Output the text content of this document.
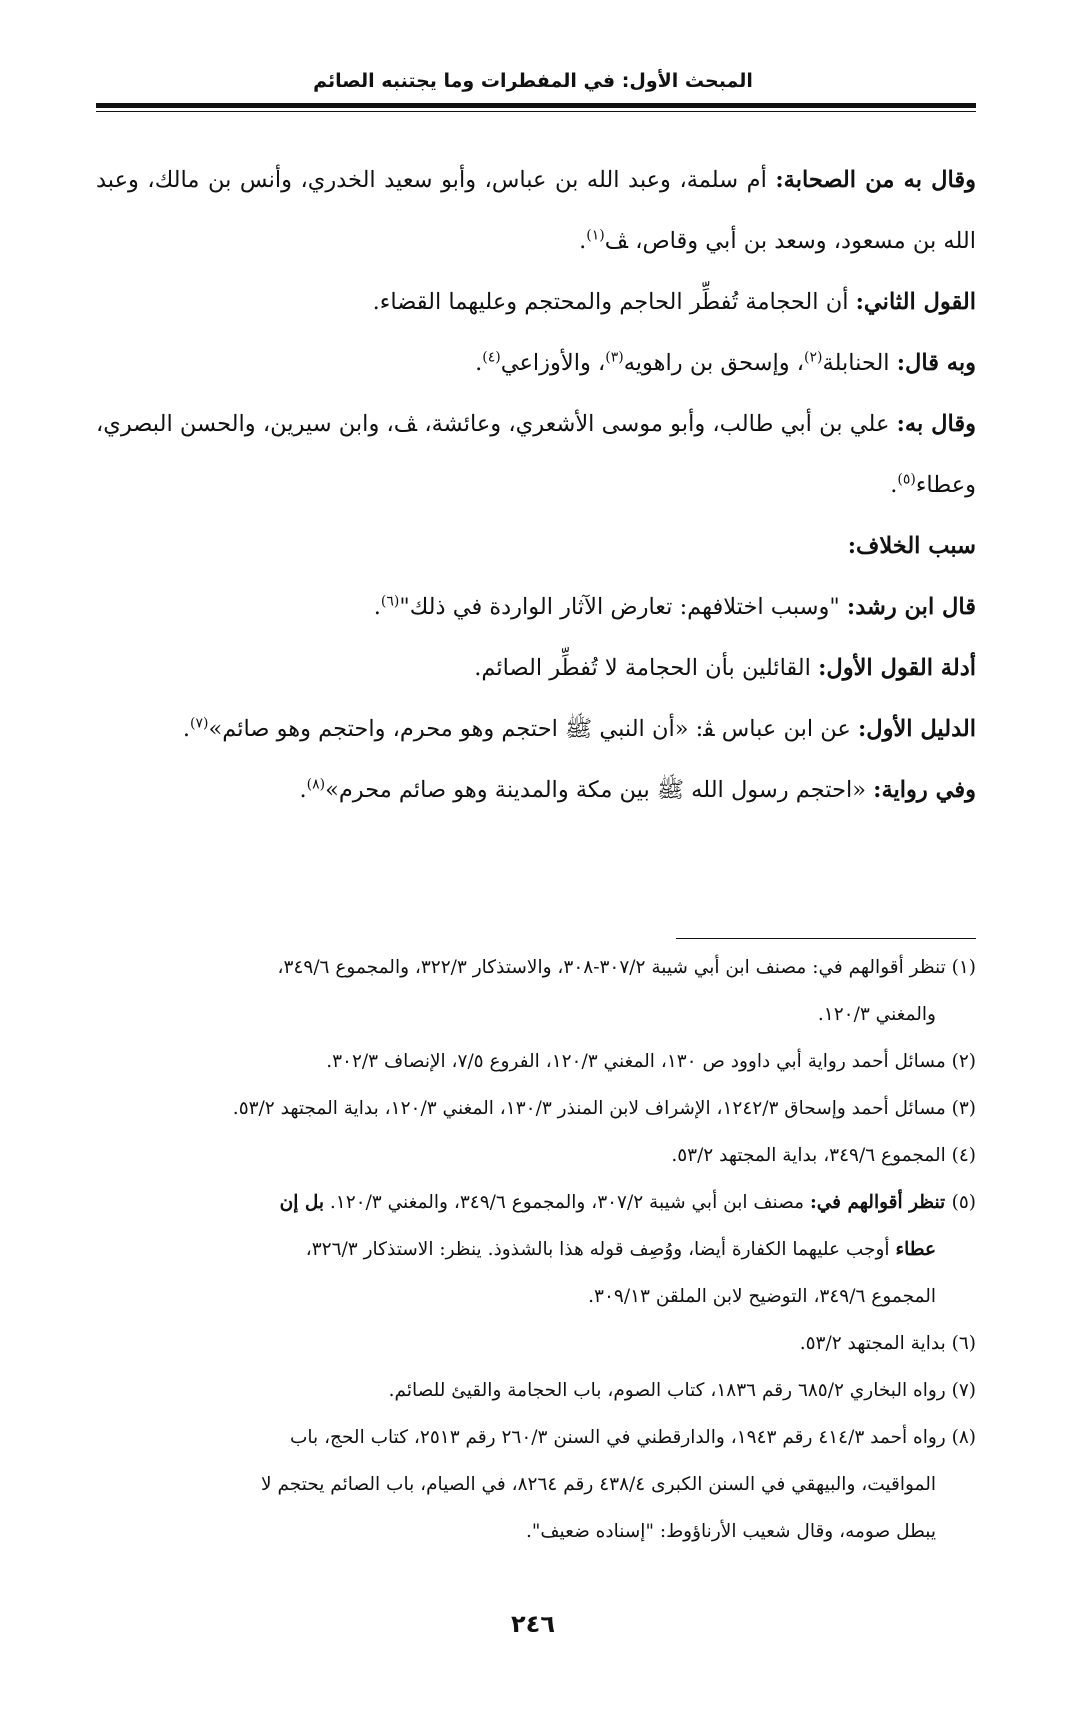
المبحث الأول: في المفطرات وما يجتنبه الصائم

وقال به من الصحابة: أم سلمة، وعبد الله بن عباس، وأبو سعيد الخدري، وأنس بن مالك، وعبد الله بن مسعود، وسعد بن أبي وقاص، ﭫ$^{(١)}$.

القول الثاني: أن الحجامة تُفطِّر الحاجم والمحتجم وعليهما القضاء.

وبه قال: الحنابلة$^{(٢)}$، وإسحق بن راهويه$^{(٣)}$، والأوزاعي$^{(٤)}$.

وقال به: علي بن أبي طالب، وأبو موسى الأشعري، وعائشة، ﭫ، وابن سيرين، والحسن البصري، وعطاء$^{(٥)}$.

سبب الخلاف:

قال ابن رشد: "وسبب اختلافهم: تعارض الآثار الواردة في ذلك"$^{(٦)}$.

أدلة القول الأول: القائلين بأن الحجامة لا تُفطِّر الصائم.

الدليل الأول: عن ابن عباس ﭭ: «أن النبي ﷺ احتجم وهو محرم، واحتجم وهو صائم»$^{(٧)}$.

وفي رواية: «احتجم رسول الله ﷺ بين مكة والمدينة وهو صائم محرم»$^{(٨)}$.

(١) تنظر أقوالهم في: مصنف ابن أبي شيبة ٣٠٧/٢-٣٠٨، والاستذكار ٣٢٢/٣، والمجموع ٣٤٩/٦،

والمغني ١٢٠/٣.

(٢) مسائل أحمد رواية أبي داوود ص ١٣٠، المغني ١٢٠/٣، الفروع ٧/٥، الإنصاف ٣٠٢/٣.

(٣) مسائل أحمد وإسحاق ١٢٤٢/٣، الإشراف لابن المنذر ١٣٠/٣، المغني ١٢٠/٣، بداية المجتهد ٥٣/٢.

(٤) المجموع ٣٤٩/٦، بداية المجتهد ٥٣/٢.

(٥) تنظر أقوالهم في: مصنف ابن أبي شيبة ٣٠٧/٢، والمجموع ٣٤٩/٦، والمغني ١٢٠/٣. بل إن

عطاء أوجب عليهما الكفارة أيضا، ووُصِف قوله هذا بالشذوذ. ينظر: الاستذكار ٣٢٦/٣،

المجموع ٣٤٩/٦، التوضيح لابن الملقن ٣٠٩/١٣.

(٦) بداية المجتهد ٥٣/٢.

(٧) رواه البخاري ٦٨٥/٢ رقم ١٨٣٦، كتاب الصوم، باب الحجامة والقيئ للصائم.

(٨) رواه أحمد ٤١٤/٣ رقم ١٩٤٣، والدارقطني في السنن ٢٦٠/٣ رقم ٢٥١٣، كتاب الحج، باب

المواقيت، والبيهقي في السنن الكبرى ٤٣٨/٤ رقم ٨٢٦٤، في الصيام، باب الصائم يحتجم لا

يبطل صومه، وقال شعيب الأرناؤوط: "إسناده ضعيف".

٢٤٦
